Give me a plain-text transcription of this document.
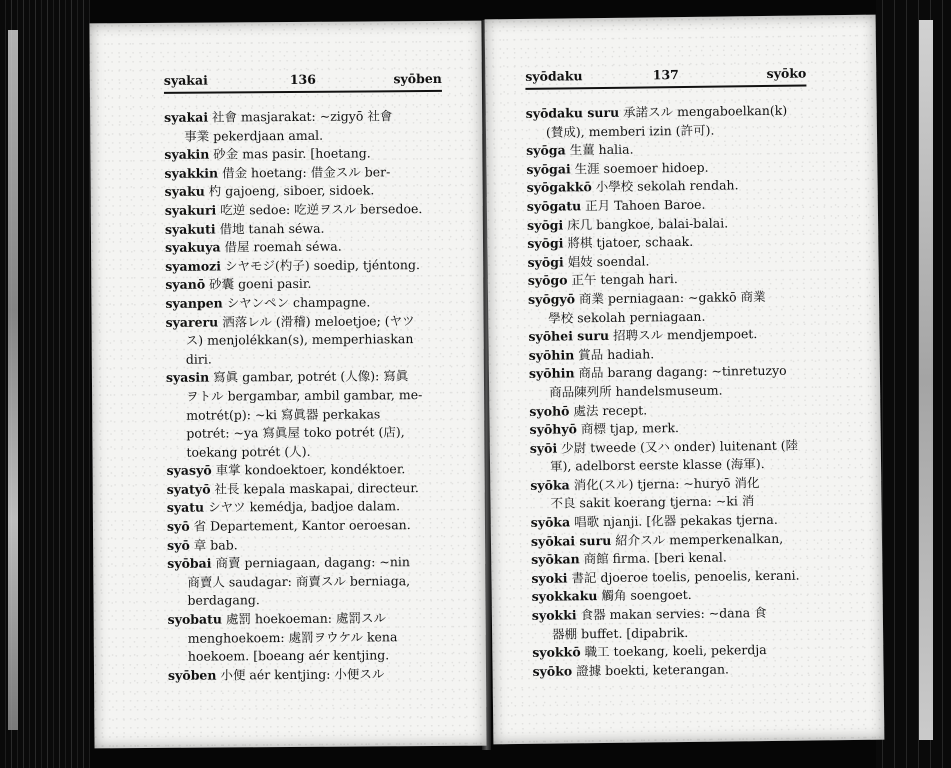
syakai	136	syōben
syakai 社會 masjarakat: ~zigyō 社會
事業 pekerdjaan amal.
syakin 砂金 mas pasir. [hoetang.
syakkin 借金 hoetang: 借金スル ber-
syaku 杓 gajoeng, siboer, sidoek.
syakuri 吃逆 sedoe: 吃逆ヲスル bersedoe.
syakuti 借地 tanah séwa.
syakuya 借屋 roemah séwa.
syamozi シヤモジ(杓子) soedip, tjéntong.
syanō 砂囊 goeni pasir.
syanpen シヤンペン champagne.
syareru 洒落レル (滑稽) meloetjoe; (ヤツ
ス) menjolékkan(s), memperhiaskan
diri.
syasin 寫眞 gambar, potrét (人像): 寫眞
ヲトル bergambar, ambil gambar, me-
motrét(p): ~ki 寫眞器 perkakas
potrét: ~ya 寫眞屋 toko potrét (店),
toekang potrét (人).
syasyō 車掌 kondoektoer, kondéktoer.
syatyō 社長 kepala maskapai, directeur.
syatu シヤツ kemédja, badjoe dalam.
syō 省 Departement, Kantor oeroesan.
syō 章 bab.
syōbai 商賣 perniagaan, dagang: ~nin
商賣人 saudagar: 商賣スル berniaga,
berdagang.
syobatu 處罰 hoekoeman: 處罰スル
menghoekoem: 處罰ヲウケル kena
hoekoem. [boeang aér kentjing.
syōben 小便 aér kentjing: 小便スル
syōdaku	137	syōko
syōdaku suru 承諾スル mengaboelkan(k)
(賛成), memberi izin (許可).
syōga 生薑 halia.
syōgai 生涯 soemoer hidoep.
syōgakkō 小學校 sekolah rendah.
syōgatu 正月 Tahoen Baroe.
syōgi 床几 bangkoe, balai-balai.
syōgi 將棋 tjatoer, schaak.
syōgi 娼妓 soendal.
syōgo 正午 tengah hari.
syōgyō 商業 perniagaan: ~gakkō 商業
學校 sekolah perniagaan.
syōhei suru 招聘スル mendjempoet.
syōhin 賞品 hadiah.
syōhin 商品 barang dagang: ~tinretuzyo
商品陳列所 handelsmuseum.
syohō 處法 recept.
syōhyō 商標 tjap, merk.
syōi 少尉 tweede (又ハ onder) luitenant (陸
軍), adelborst eerste klasse (海軍).
syōka 消化(スル) tjerna: ~huryō 消化
不良 sakit koerang tjerna: ~ki 消
syōka 唱歌 njanji. [化器 pekakas tjerna.
syōkai suru 紹介スル memperkenalkan,
syōkan 商館 firma. [beri kenal.
syoki 書記 djoeroe toelis, penoelis, kerani.
syokkaku 觸角 soengoet.
syokki 食器 makan servies: ~dana 食
器棚 buffet. [dipabrik.
syokkō 職工 toekang, koeli, pekerdja
syōko 證據 boekti, keterangan.
